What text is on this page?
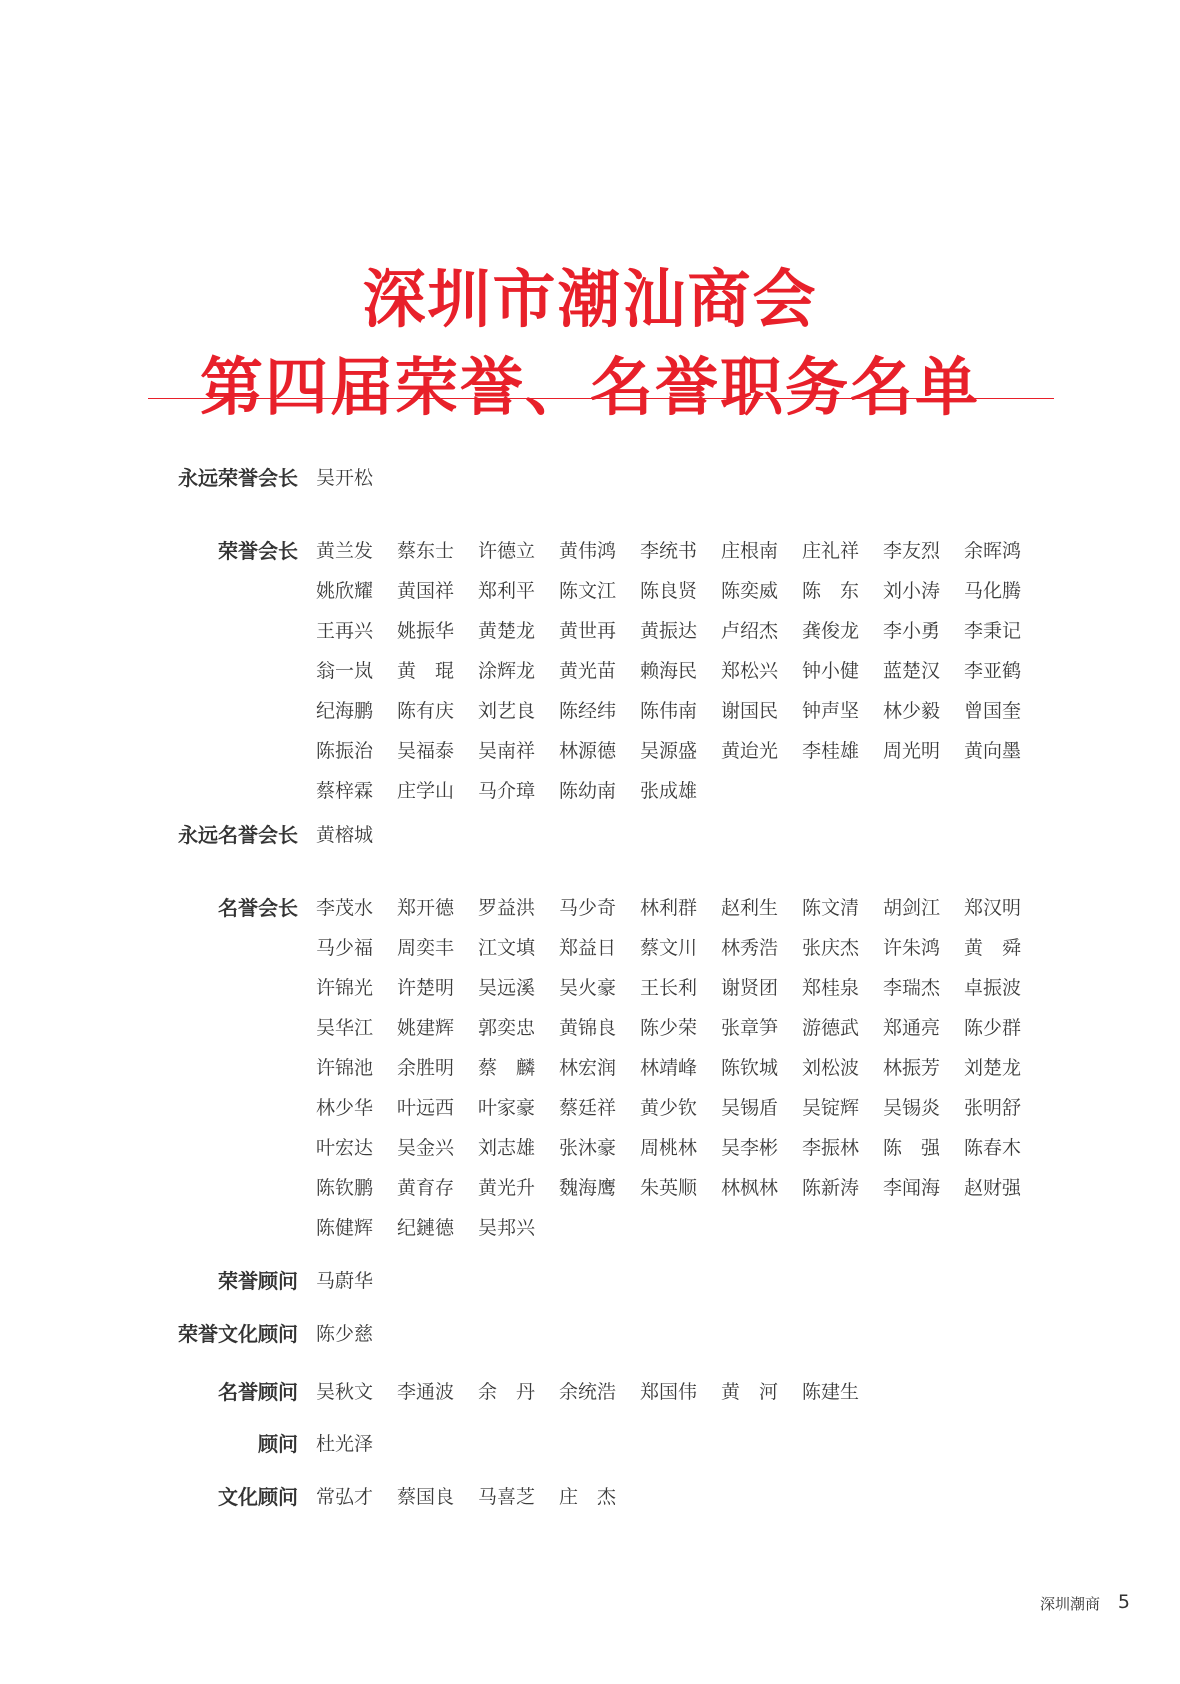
深圳市潮汕商会
第四届荣誉、名誉职务名单
永远荣誉会长 吴开松
荣誉会长 黄兰发	蔡东士	许德立	黄伟鸿	李统书	庄根南	庄礼祥	李友烈	余晖鸿
姚欣耀	黄国祥	郑利平	陈文江	陈良贤	陈奕威	陈　东	刘小涛	马化腾
王再兴	姚振华	黄楚龙	黄世再	黄振达	卢绍杰	龚俊龙	李小勇	李秉记
翁一岚	黄　琨	涂辉龙	黄光苗	赖海民	郑松兴	钟小健	蓝楚汉	李亚鹤
纪海鹏	陈有庆	刘艺良	陈经纬	陈伟南	谢国民	钟声坚	林少毅	曾国奎
陈振治	吴福泰	吴南祥	林源德	吴源盛	黄迨光	李桂雄	周光明	黄向墨
蔡梓霖	庄学山	马介璋	陈幼南	张成雄
永远名誉会长 黄榕城
名誉会长 李茂水	郑开德	罗益洪	马少奇	林利群	赵利生	陈文清	胡剑江	郑汉明
马少福	周奕丰	江文填	郑益日	蔡文川	林秀浩	张庆杰	许朱鸿	黄　舜
许锦光	许楚明	吴远溪	吴火豪	王长利	谢贤团	郑桂泉	李瑞杰	卓振波
吴华江	姚建辉	郭奕忠	黄锦良	陈少荣	张章笋	游德武	郑通亮	陈少群
许锦池	余胜明	蔡　麟	林宏润	林靖峰	陈钦城	刘松波	林振芳	刘楚龙
林少华	叶远西	叶家豪	蔡廷祥	黄少钦	吴锡盾	吴锭辉	吴锡炎	张明舒
叶宏达	吴金兴	刘志雄	张沐豪	周桃林	吴李彬	李振林	陈　强	陈春木
陈钦鹏	黄育存	黄光升	魏海鹰	朱英顺	林枫林	陈新涛	李闻海	赵财强
陈健辉	纪鏈德	吴邦兴
荣誉顾问 马蔚华
荣誉文化顾问 陈少慈
名誉顾问 吴秋文	李通波	余　丹	余统浩	郑国伟	黄　河	陈建生
顾问 杜光泽
文化顾问 常弘才	蔡国良	马喜芝	庄　杰
深圳潮商 5
